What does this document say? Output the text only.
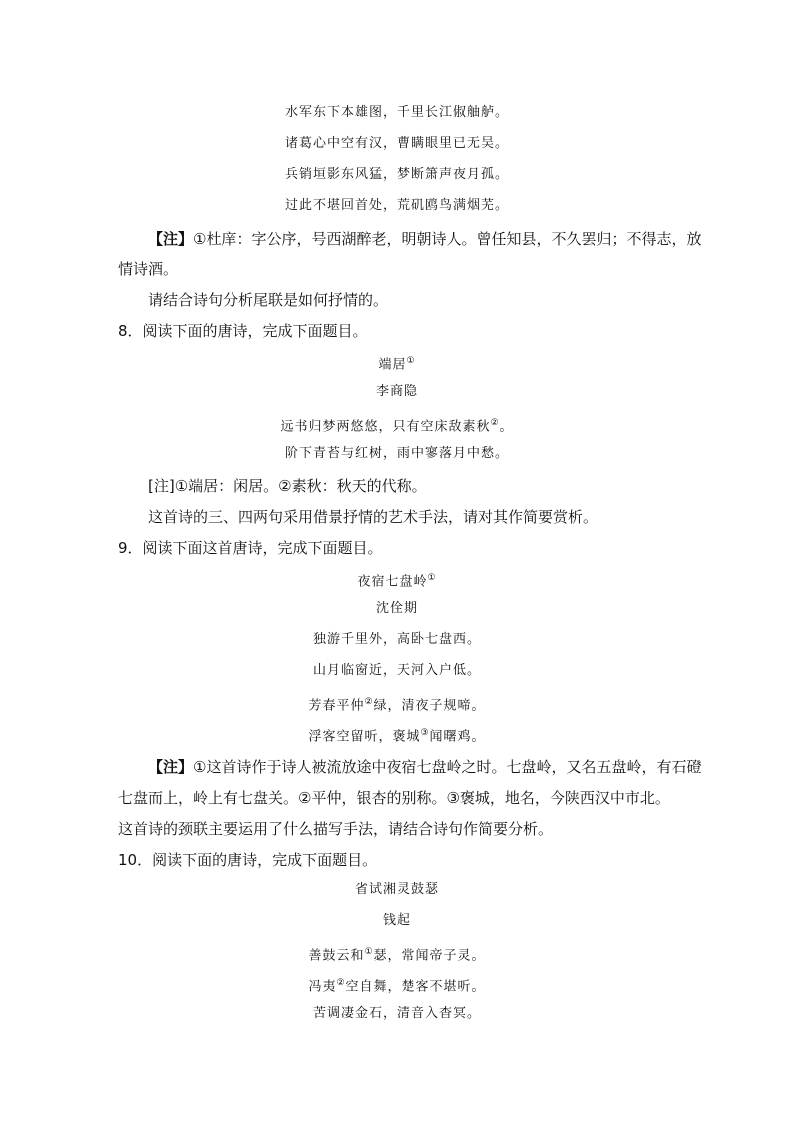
水军东下本雄图，千里长江俶舳舻。
诸葛心中空有汉，曹瞒眼里已无吴。
兵销垣影东风猛，梦断箫声夜月孤。
过此不堪回首处，荒矶鸥鸟满烟芜。
【注】①杜庠：字公序，号西湖醉老，明朝诗人。曾任知县，不久罢归；不得志，放
情诗酒。
请结合诗句分析尾联是如何抒情的。
8．阅读下面的唐诗，完成下面题目。
端居①
李商隐
远书归梦两悠悠，只有空床敌素秋②。
阶下青苔与红树，雨中寥落月中愁。
[注]①端居：闲居。②素秋：秋天的代称。
这首诗的三、四两句采用借景抒情的艺术手法，请对其作简要赏析。
9．阅读下面这首唐诗，完成下面题目。
夜宿七盘岭①
沈佺期
独游千里外，高卧七盘西。
山月临窗近，天河入户低。
芳春平仲②绿，清夜子规啼。
浮客空留听，褒城③闻曙鸡。
【注】①这首诗作于诗人被流放途中夜宿七盘岭之时。七盘岭，又名五盘岭，有石磴
七盘而上，岭上有七盘关。②平仲，银杏的别称。③褒城，地名，今陕西汉中市北。
这首诗的颈联主要运用了什么描写手法，请结合诗句作简要分析。
10．阅读下面的唐诗，完成下面题目。
省试湘灵鼓瑟
钱起
善鼓云和①瑟，常闻帝子灵。
冯夷②空自舞，楚客不堪听。
苦调凄金石，清音入杳冥。
